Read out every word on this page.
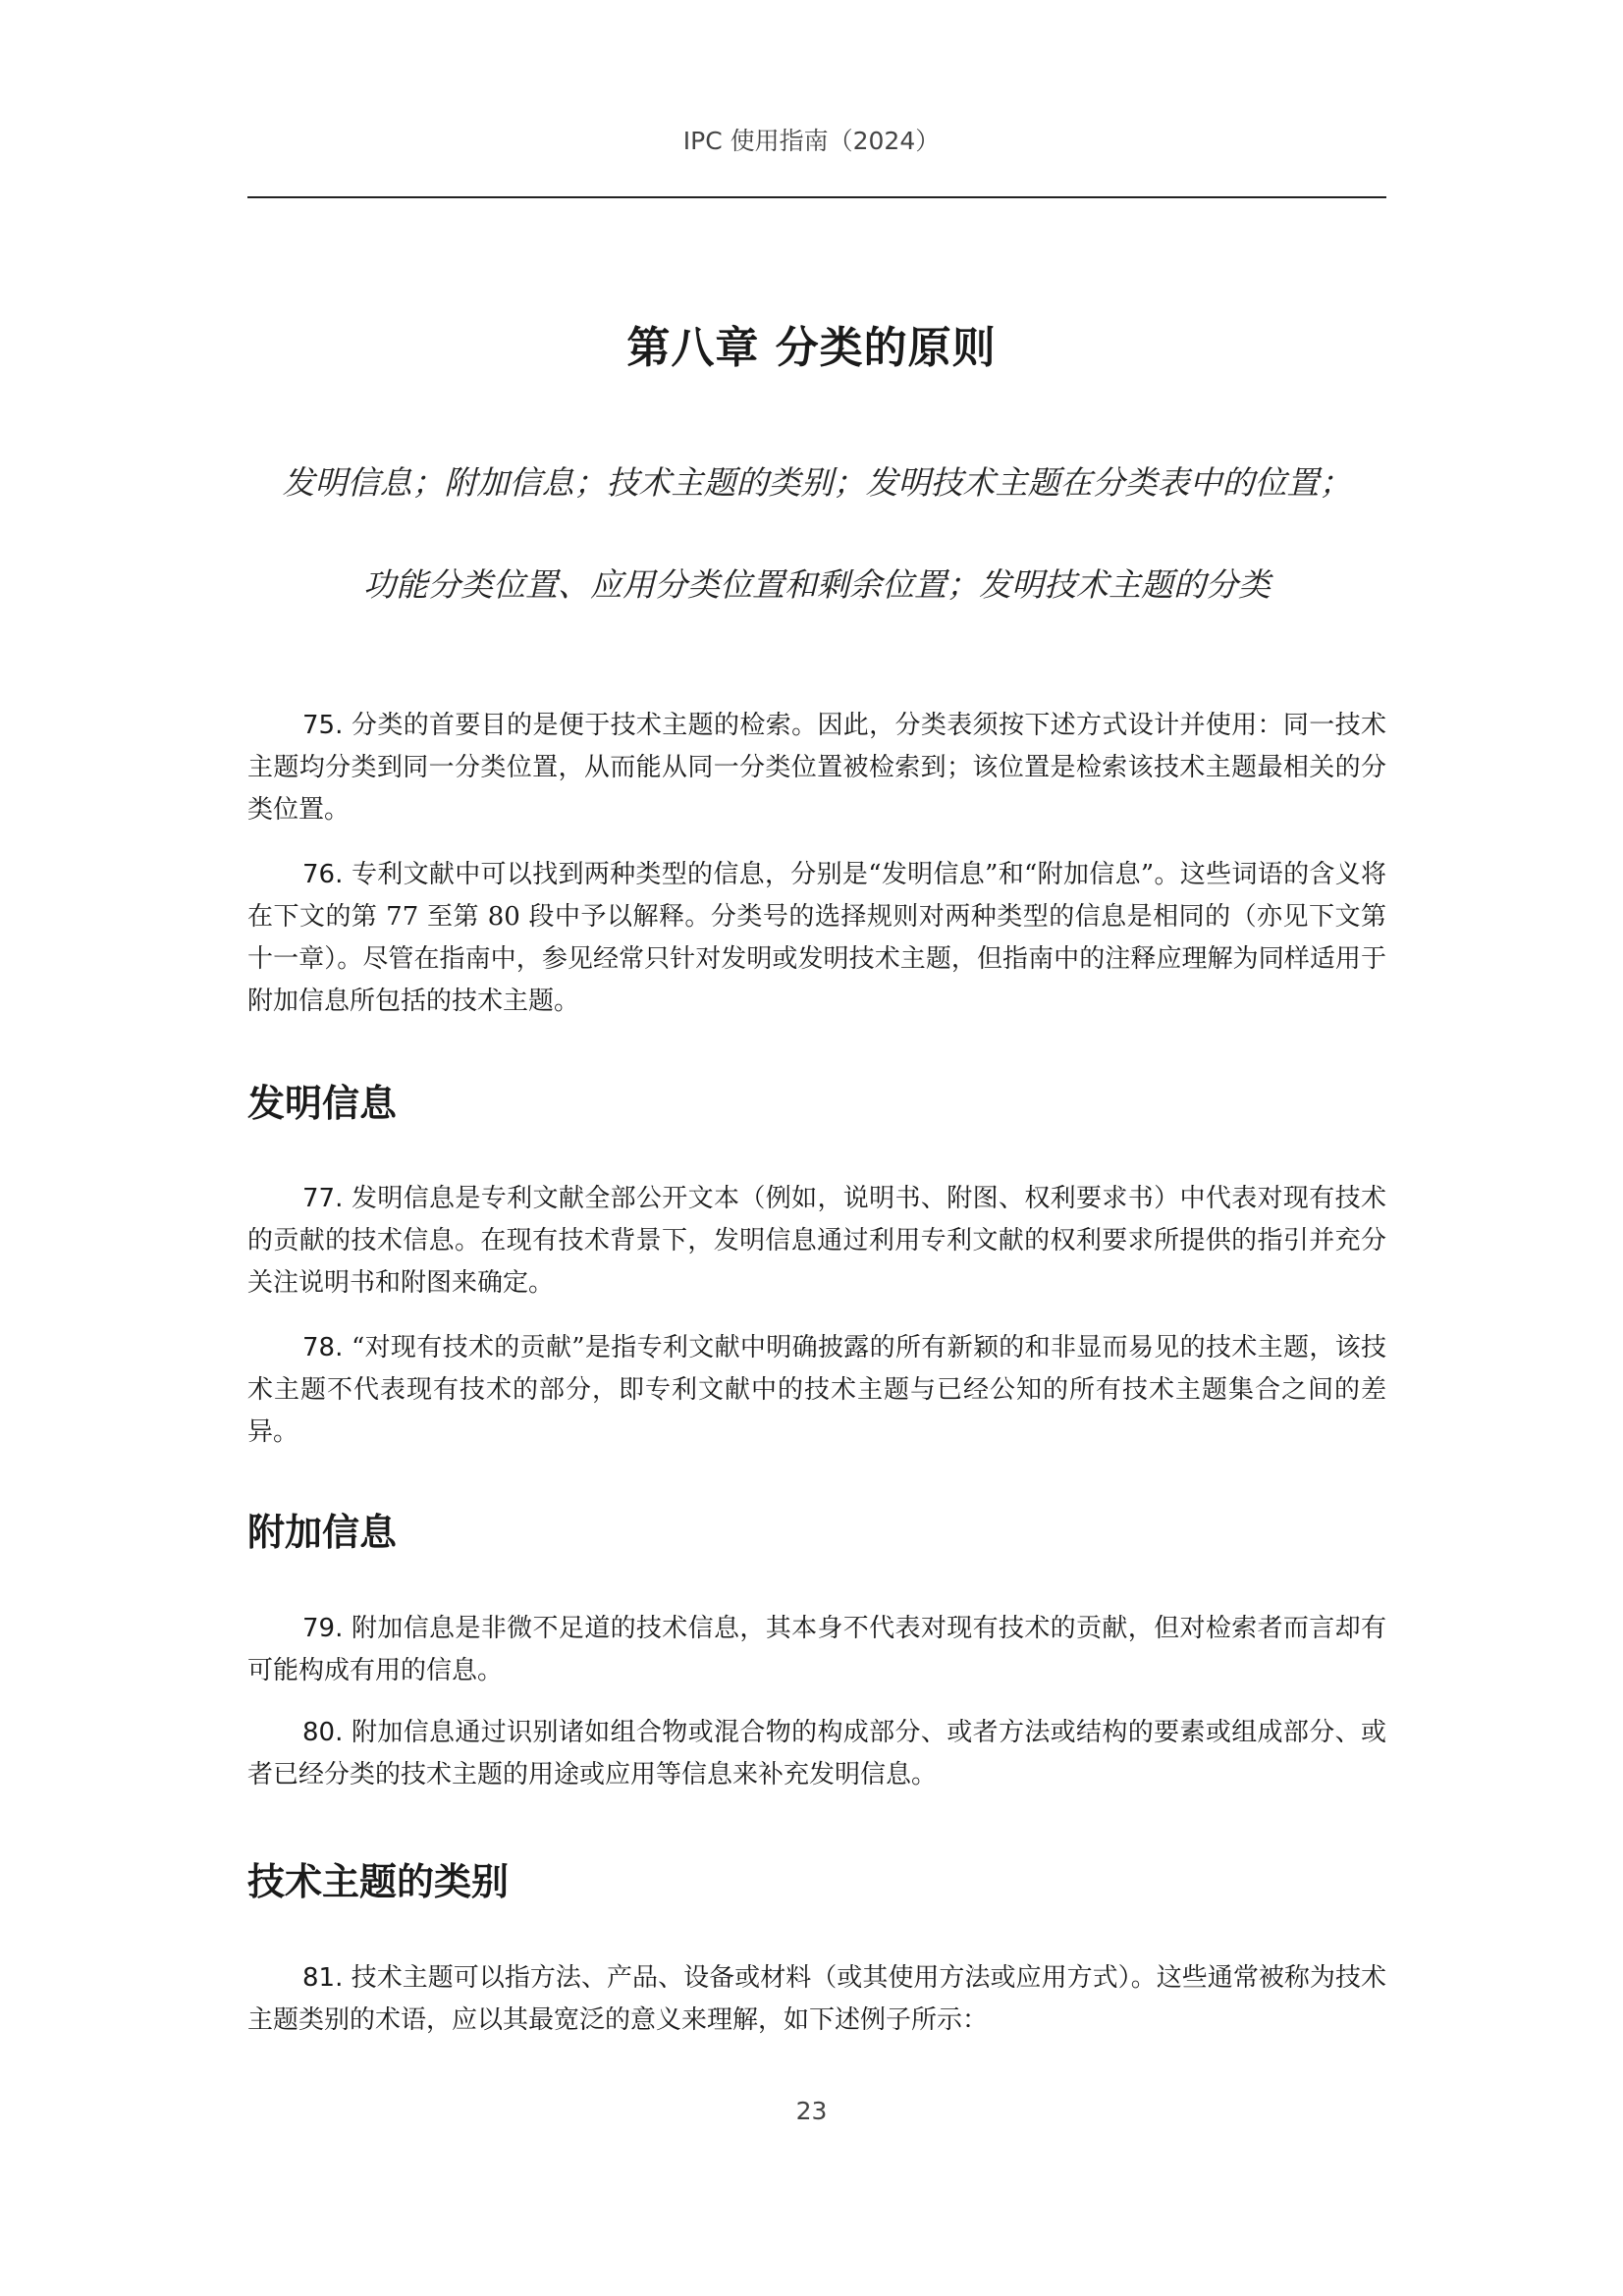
IPC 使用指南（2024）
第八章 分类的原则
发明信息；附加信息；技术主题的类别；发明技术主题在分类表中的位置；
功能分类位置、应用分类位置和剩余位置；发明技术主题的分类

75. 分类的首要目的是便于技术主题的检索。因此，分类表须按下述方式设计并使用：同一技术主题均分类到同一分类位置，从而能从同一分类位置被检索到；该位置是检索该技术主题最相关的分类位置。

76. 专利文献中可以找到两种类型的信息，分别是“发明信息”和“附加信息”。这些词语的含义将在下文的第 77 至第 80 段中予以解释。分类号的选择规则对两种类型的信息是相同的（亦见下文第十一章）。尽管在指南中，参见经常只针对发明或发明技术主题，但指南中的注释应理解为同样适用于附加信息所包括的技术主题。

发明信息

77. 发明信息是专利文献全部公开文本（例如，说明书、附图、权利要求书）中代表对现有技术的贡献的技术信息。在现有技术背景下，发明信息通过利用专利文献的权利要求所提供的指引并充分关注说明书和附图来确定。

78. “对现有技术的贡献”是指专利文献中明确披露的所有新颖的和非显而易见的技术主题，该技术主题不代表现有技术的部分，即专利文献中的技术主题与已经公知的所有技术主题集合之间的差异。

附加信息

79. 附加信息是非微不足道的技术信息，其本身不代表对现有技术的贡献，但对检索者而言却有可能构成有用的信息。

80. 附加信息通过识别诸如组合物或混合物的构成部分、或者方法或结构的要素或组成部分、或者已经分类的技术主题的用途或应用等信息来补充发明信息。

技术主题的类别

81. 技术主题可以指方法、产品、设备或材料（或其使用方法或应用方式）。这些通常被称为技术主题类别的术语，应以其最宽泛的意义来理解，如下述例子所示：

23
